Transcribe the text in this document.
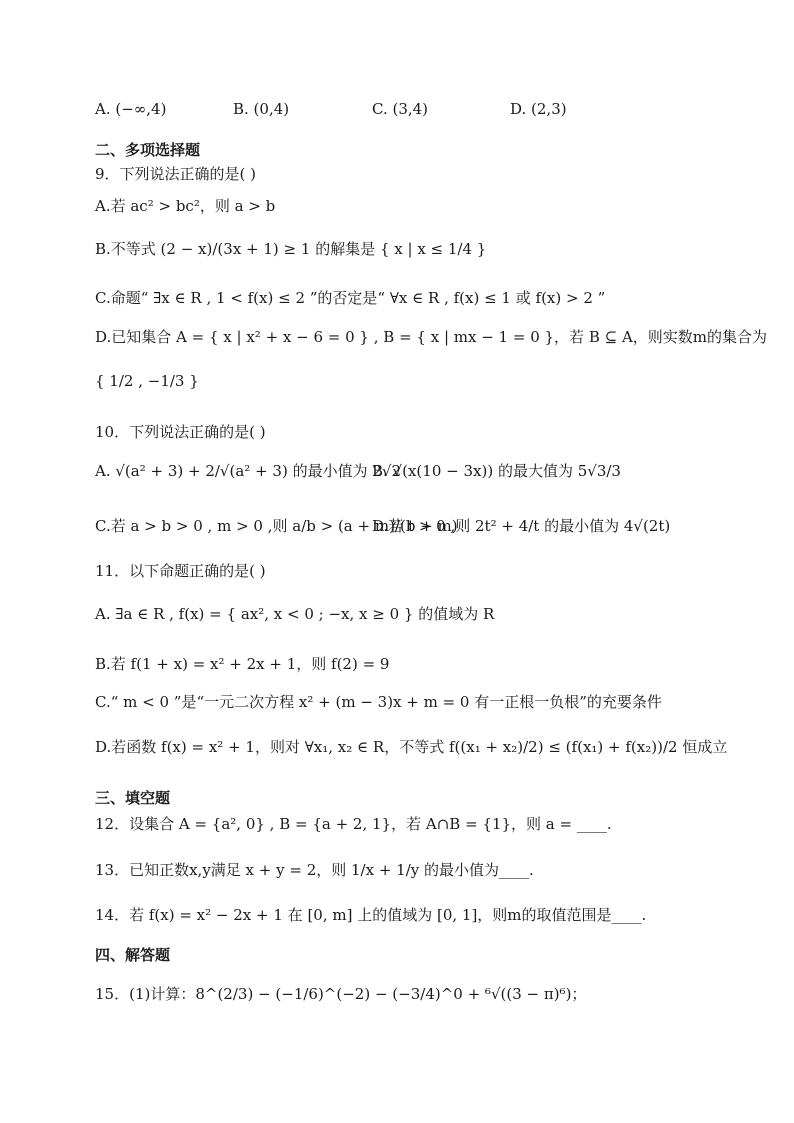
A. (−∞,4)	B. (0,4)	C. (3,4)	D. (2,3)
二、多项选择题
9．下列说法正确的是( )
A.若 ac² > bc²，则 a > b
B.不等式 (2 − x)/(3x + 1) ≥ 1 的解集是 { x | x ≤ 1/4 }
C.命题“ ∃x ∈ R , 1 < f(x) ≤ 2 ”的否定是“ ∀x ∈ R , f(x) ≤ 1 或 f(x) > 2 ”
D.已知集合 A = { x | x² + x − 6 = 0 } , B = { x | mx − 1 = 0 }，若 B ⊆ A，则实数m的集合为
{ 1/2 , −1/3 }
10．下列说法正确的是( )
A. √(a² + 3) + 2/√(a² + 3) 的最小值为 2√2
B. √(x(10 − 3x)) 的最大值为 5√3/3
C.若 a > b > 0 , m > 0 ,则 a/b > (a + m)/(b + m)
D.若 t > 0 ,则 2t² + 4/t 的最小值为 4√(2t)
11．以下命题正确的是( )
A. ∃a ∈ R , f(x) = { ax², x < 0 ; −x, x ≥ 0 } 的值域为 R
B.若 f(1 + x) = x² + 2x + 1，则 f(2) = 9
C.“ m < 0 ”是“一元二次方程 x² + (m − 3)x + m = 0 有一正根一负根”的充要条件
D.若函数 f(x) = x² + 1，则对 ∀x₁, x₂ ∈ R，不等式 f((x₁ + x₂)/2) ≤ (f(x₁) + f(x₂))/2 恒成立
三、填空题
12．设集合 A = {a², 0} , B = {a + 2, 1}，若 A∩B = {1}，则 a = ____.
13．已知正数x,y满足 x + y = 2，则 1/x + 1/y 的最小值为____.
14．若 f(x) = x² − 2x + 1 在 [0, m] 上的值域为 [0, 1]，则m的取值范围是____.
四、解答题
15．(1)计算：8^(2/3) − (−1/6)^(−2) − (−3/4)^0 + ⁶√((3 − π)⁶)；
